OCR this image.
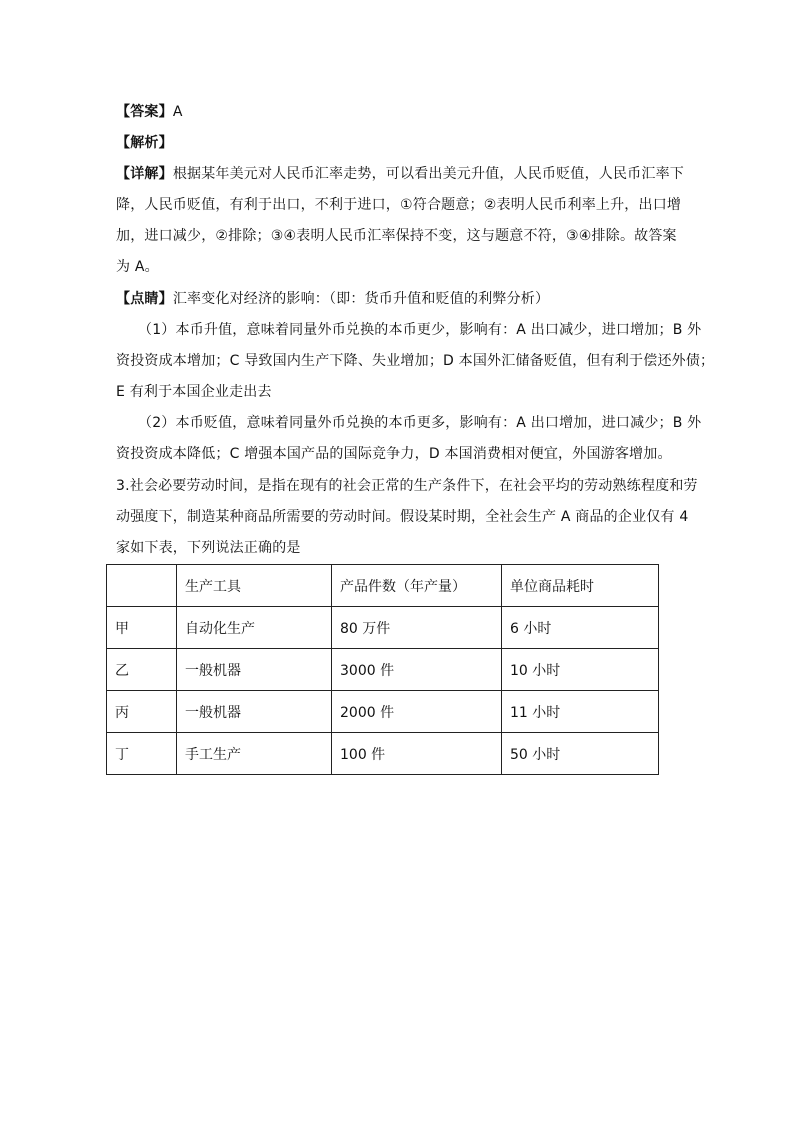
【答案】A
【解析】
【详解】根据某年美元对人民币汇率走势，可以看出美元升值，人民币贬值，人民币汇率下
降，人民币贬值，有利于出口，不利于进口，①符合题意；②表明人民币利率上升，出口增
加，进口减少，②排除；③④表明人民币汇率保持不变，这与题意不符，③④排除。故答案
为 A。
【点睛】汇率变化对经济的影响：（即：货币升值和贬值的利弊分析）
（1）本币升值，意味着同量外币兑换的本币更少，影响有：A 出口减少，进口增加；B 外
资投资成本增加；C 导致国内生产下降、失业增加；D 本国外汇储备贬值，但有利于偿还外债；
E 有利于本国企业走出去
（2）本币贬值，意味着同量外币兑换的本币更多，影响有：A 出口增加，进口减少；B 外
资投资成本降低；C 增强本国产品的国际竞争力，D 本国消费相对便宜，外国游客增加。
3.社会必要劳动时间，是指在现有的社会正常的生产条件下，在社会平均的劳动熟练程度和劳
动强度下，制造某种商品所需要的劳动时间。假设某时期，全社会生产 A 商品的企业仅有 4
家如下表，下列说法正确的是
	生产工具	产品件数（年产量）	单位商品耗时
甲	自动化生产	80 万件	6 小时
乙	一般机器	3000 件	10 小时
丙	一般机器	2000 件	11 小时
丁	手工生产	100 件	50 小时
